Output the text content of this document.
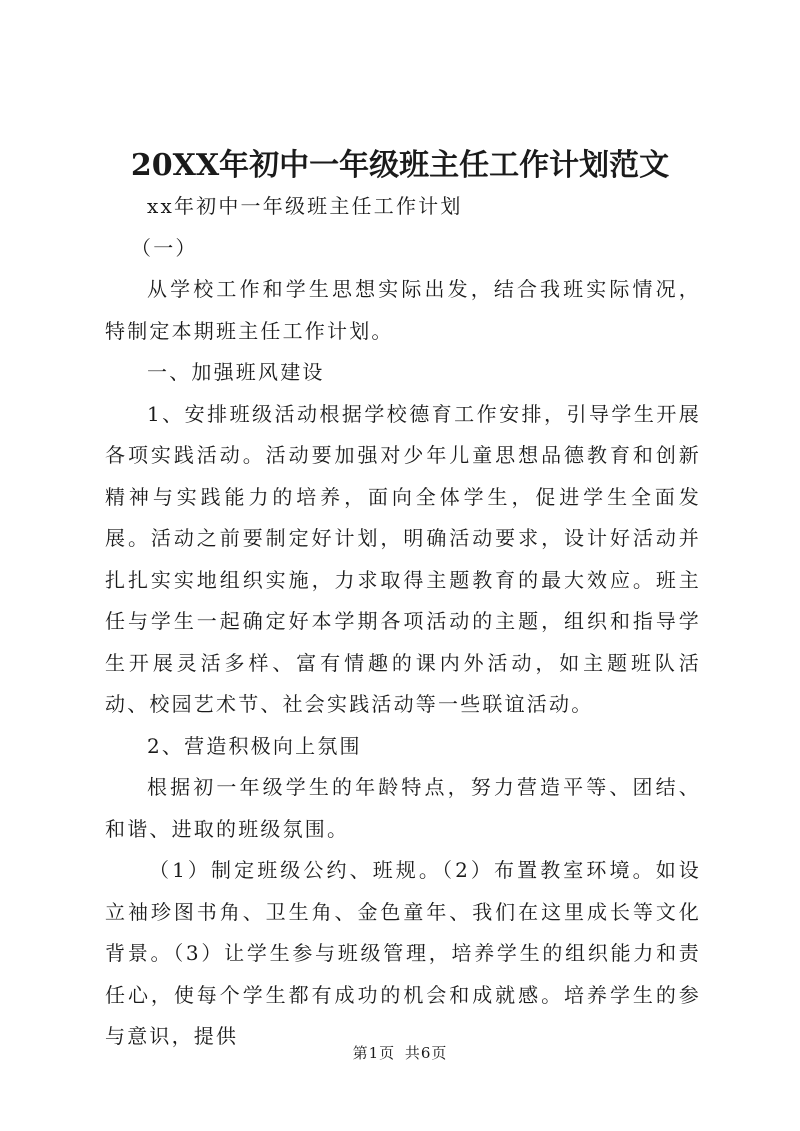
20XX年初中一年级班主任工作计划范文

xx年初中一年级班主任工作计划

（一）

从学校工作和学生思想实际出发，结合我班实际情况，特制定本期班主任工作计划。

一、加强班风建设

1、安排班级活动根据学校德育工作安排，引导学生开展各项实践活动。活动要加强对少年儿童思想品德教育和创新精神与实践能力的培养，面向全体学生，促进学生全面发展。活动之前要制定好计划，明确活动要求，设计好活动并扎扎实实地组织实施，力求取得主题教育的最大效应。班主任与学生一起确定好本学期各项活动的主题，组织和指导学生开展灵活多样、富有情趣的课内外活动，如主题班队活动、校园艺术节、社会实践活动等一些联谊活动。

2、营造积极向上氛围

根据初一年级学生的年龄特点，努力营造平等、团结、和谐、进取的班级氛围。

（1）制定班级公约、班规。（2）布置教室环境。如设立袖珍图书角、卫生角、金色童年、我们在这里成长等文化背景。（3）让学生参与班级管理，培养学生的组织能力和责任心，使每个学生都有成功的机会和成就感。培养学生的参与意识，提供

第1页 共6页
